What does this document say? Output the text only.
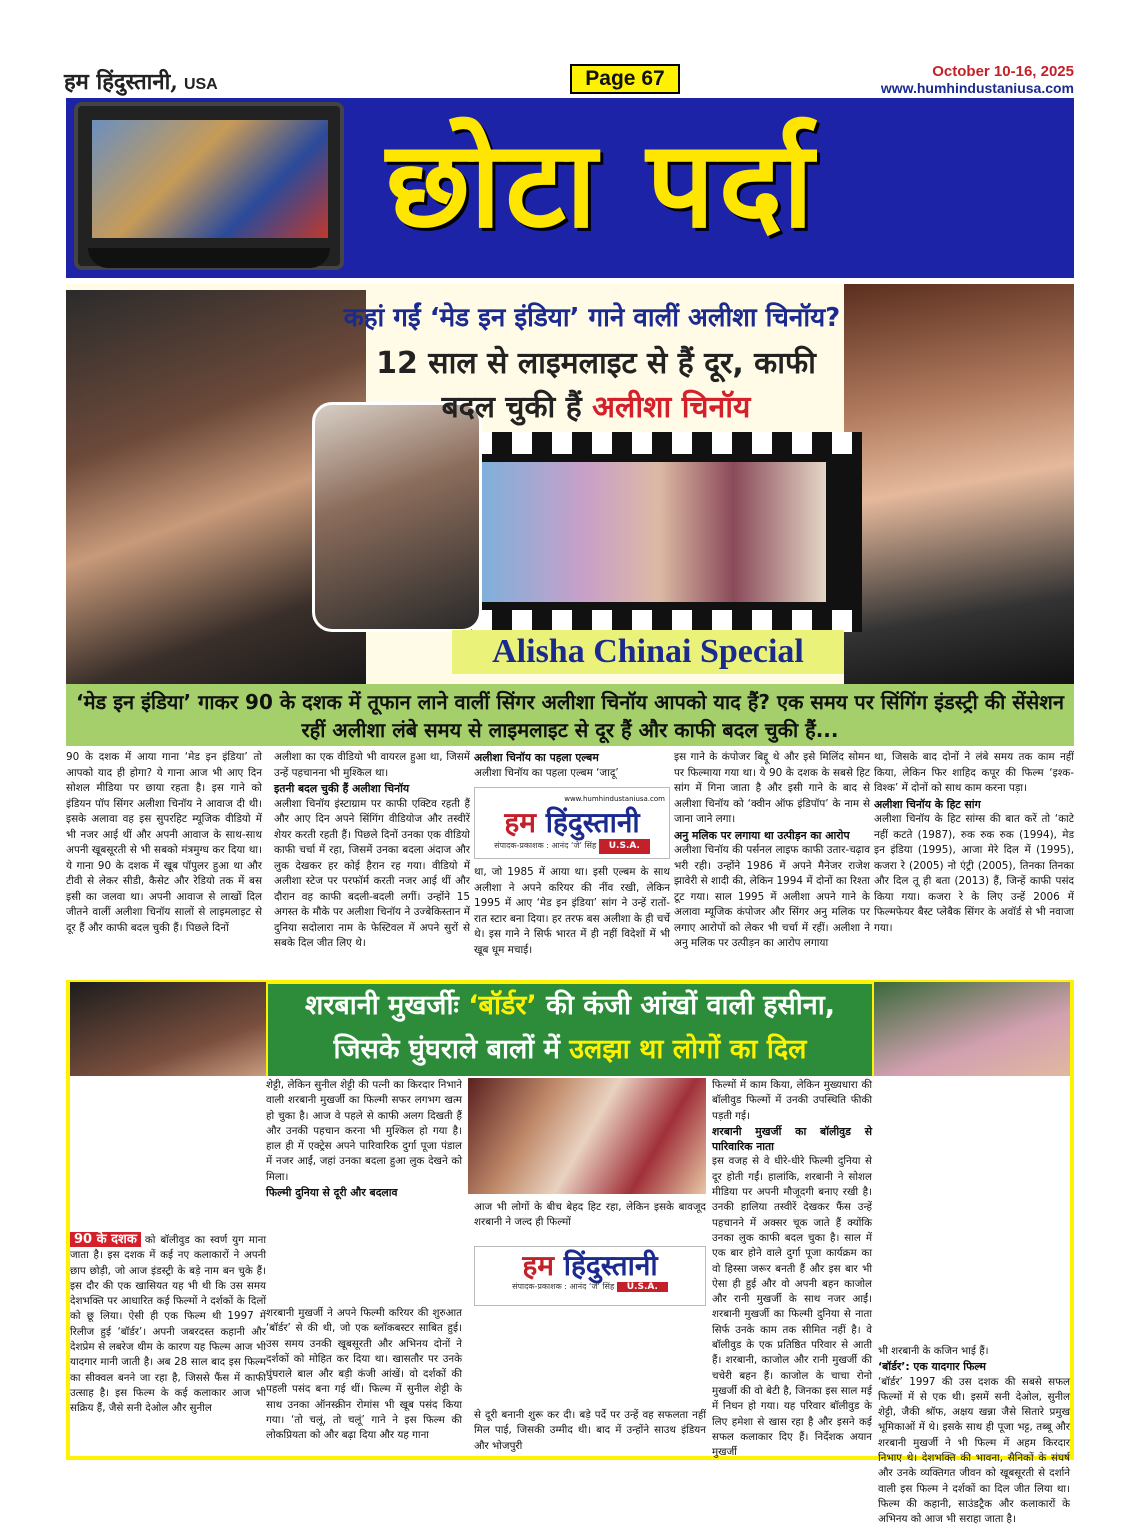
हम हिंदुस्तानी, USA	Page 67	October 10-16, 2025
www.humhindustaniusa.com
छोटा पर्दा
कहां गईं ‘मेड इन इंडिया’ गाने वालीं अलीशा चिनॉय?
12 साल से लाइमलाइट से हैं दूर, काफी
बदल चुकी हैं अलीशा चिनॉय
Alisha Chinai Special
‘मेड इन इंडिया’ गाकर 90 के दशक में तूफान लाने वालीं सिंगर अलीशा चिनॉय आपको याद हैं? एक समय पर सिंगिंग इंडस्ट्री की सेंसेशन रहीं अलीशा लंबे समय से लाइमलाइट से दूर हैं और काफी बदल चुकी हैं...

90 के दशक में आया गाना ‘मेड इन इंडिया’ तो आपको याद ही होगा? ये गाना आज भी आए दिन सोशल मीडिया पर छाया रहता है। इस गाने को इंडियन पॉप सिंगर अलीशा चिनॉय ने आवाज दी थी। इसके अलावा वह इस सुपरहिट म्यूजिक वीडियो में भी नजर आई थीं और अपनी आवाज के साथ-साथ अपनी खूबसूरती से भी सबको मंत्रमुग्ध कर दिया था। ये गाना 90 के दशक में खूब पॉपुलर हुआ था और टीवी से लेकर सीडी, कैसेट और रेडियो तक में बस इसी का जलवा था। अपनी आवाज से लाखों दिल जीतने वालीं अलीशा चिनॉय सालों से लाइमलाइट से दूर हैं और काफी बदल चुकी हैं। पिछले दिनों

अलीशा का एक वीडियो भी वायरल हुआ था, जिसमें उन्हें पहचानना भी मुश्किल था।

इतनी बदल चुकी हैं अलीशा चिनॉय

अलीशा चिनॉय इंस्टाग्राम पर काफी एक्टिव रहती हैं और आए दिन अपने सिंगिंग वीडियोज और तस्वीरें शेयर करती रहती हैं। पिछले दिनों उनका एक वीडियो काफी चर्चा में रहा, जिसमें उनका बदला अंदाज और लुक देखकर हर कोई हैरान रह गया। वीडियो में अलीशा स्टेज पर परफॉर्म करती नजर आई थीं और दौरान वह काफी बदली-बदली लगीं। उन्होंने 15 अगस्त के मौके पर अलीशा चिनॉय ने उज्बेकिस्तान में दुनिया सदोलारा नाम के फेस्टिवल में अपने सुरों से सबके दिल जीत लिए थे।

अलीशा चिनॉय का पहला एल्बम

अलीशा चिनॉय का पहला एल्बम ‘जादू’

www.humhindustaniusa.com
हम हिंदुस्तानी
संपादक-प्रकाशक : आनंद ‘जे’ सिंह U.S.A.

था, जो 1985 में आया था। इसी एल्बम के साथ अलीशा ने अपने करियर की नींव रखी, लेकिन 1995 में आए ‘मेड इन इंडिया’ सांग ने उन्हें रातों-रात स्टार बना दिया। हर तरफ बस अलीशा के ही चर्चे थे। इस गाने ने सिर्फ भारत में ही नहीं विदेशों में भी खूब धूम मचाई।

इस गाने के कंपोजर बिद्दू थे और इसे मिलिंद सोमन पर फिल्माया गया था। ये 90 के दशक के सबसे हिट सांग में गिना जाता है और इसी गाने के बाद से अलीशा चिनॉय को ‘क्वीन ऑफ इंडिपॉप’ के नाम से जाना जाने लगा।

अनु मलिक पर लगाया था उत्पीड़न का आरोप

अलीशा चिनॉय की पर्सनल लाइफ काफी उतार-चढ़ाव भरी रही। उन्होंने 1986 में अपने मैनेजर राजेश झावेरी से शादी की, लेकिन 1994 में दोनों का रिश्ता टूट गया। साल 1995 में अलीशा अपने गाने के अलावा म्यूजिक कंपोजर और सिंगर अनु मलिक पर लगाए आरोपों को लेकर भी चर्चा में रहीं। अलीशा ने अनु मलिक पर उत्पीड़न का आरोप लगाया

था, जिसके बाद दोनों ने लंबे समय तक काम नहीं किया, लेकिन फिर शाहिद कपूर की फिल्म ‘इश्क-विश्क’ में दोनों को साथ काम करना पड़ा।

अलीशा चिनॉय के हिट सांग

अलीशा चिनॉय के हिट सांग्स की बात करें तो ‘काटे नहीं कटते (1987), रुक रुक रुक (1994), मेड इन इंडिया (1995), आजा मेरे दिल में (1995), कजरा रे (2005) नो एंट्री (2005), तिनका तिनका और दिल तू ही बता (2013) हैं, जिन्हें काफी पसंद किया गया। कजरा रे के लिए उन्हें 2006 में फिल्मफेयर बैस्ट प्लेबैक सिंगर के अवॉर्ड से भी नवाजा गया।

शरबानी मुखर्जीः ‘बॉर्डर’ की कंजी आंखों वाली हसीना,
जिसके घुंघराले बालों में उलझा था लोगों का दिल

शेट्टी, लेकिन सुनील शेट्टी की पत्नी का किरदार निभाने वाली शरबानी मुखर्जी का फिल्मी सफर लगभग खत्म हो चुका है। आज वे पहले से काफी अलग दिखती हैं और उनकी पहचान करना भी मुश्किल हो गया है। हाल ही में एक्ट्रेस अपने पारिवारिक दुर्गा पूजा पंडाल में नजर आईं, जहां उनका बदला हुआ लुक देखने को मिला।

फिल्मी दुनिया से दूरी और बदलाव

आज भी लोगों के बीच बेहद हिट रहा, लेकिन इसके बावजूद शरबानी ने जल्द ही फिल्मों

हम हिंदुस्तानी
संपादक-प्रकाशक : आनंद ‘जे’ सिंह U.S.A.

से दूरी बनानी शुरू कर दी। बड़े पर्दे पर उन्हें वह सफलता नहीं मिल पाई, जिसकी उम्मीद थी। बाद में उन्होंने साउथ इंडियन और भोजपुरी

फिल्मों में काम किया, लेकिन मुख्यधारा की बॉलीवुड फिल्मों में उनकी उपस्थिति फीकी पड़ती गई।

शरबानी मुखर्जी का बॉलीवुड से पारिवारिक नाता

इस वजह से वे धीरे-धीरे फिल्मी दुनिया से दूर होती गईं। हालांकि, शरबानी ने सोशल मीडिया पर अपनी मौजूदगी बनाए रखी है। उनकी हालिया तस्वीरें देखकर फैंस उन्हें पहचानने में अक्सर चूक जाते हैं क्योंकि उनका लुक काफी बदल चुका है। साल में एक बार होने वाले दुर्गा पूजा कार्यक्रम का वो हिस्सा जरूर बनती हैं और इस बार भी ऐसा ही हुई और वो अपनी बहन काजोल और रानी मुखर्जी के साथ नजर आईं। शरबानी मुखर्जी का फिल्मी दुनिया से नाता सिर्फ उनके काम तक सीमित नहीं है। वे बॉलीवुड के एक प्रतिष्ठित परिवार से आती हैं। शरबानी, काजोल और रानी मुखर्जी की चचेरी बहन हैं। काजोल के चाचा रोनो मुखर्जी की वो बेटी है, जिनका इस साल मई में निधन हो गया। यह परिवार बॉलीवुड के लिए हमेशा से खास रहा है और इसने कई सफल कलाकार दिए हैं। निर्देशक अयान मुखर्जी

90 के दशक को बॉलीवुड का स्वर्ण युग माना जाता है। इस दशक में कई नए कलाकारों ने अपनी छाप छोड़ी, जो आज इंडस्ट्री के बड़े नाम बन चुके हैं। इस दौर की एक खासियत यह भी थी कि उस समय देशभक्ति पर आधारित कई फिल्मों ने दर्शकों के दिलों को छू लिया। ऐसी ही एक फिल्म थी 1997 में रिलीज हुई ‘बॉर्डर’। अपनी जबरदस्त कहानी और देशप्रेम से लबरेज थीम के कारण यह फिल्म आज भी यादगार मानी जाती है। अब 28 साल बाद इस फिल्म का सीक्वल बनने जा रहा है, जिससे फैंस में काफी उत्साह है। इस फिल्म के कई कलाकार आज भी सक्रिय हैं, जैसे सनी देओल और सुनील

शरबानी मुखर्जी ने अपने फिल्मी करियर की शुरुआत ‘बॉर्डर’ से की थी, जो एक ब्लॉकबस्टर साबित हुई। उस समय उनकी खूबसूरती और अभिनय दोनों ने दर्शकों को मोहित कर दिया था। खासतौर पर उनके घुंघराले बाल और बड़ी कंजी आंखें। वो दर्शकों की पहली पसंद बना गई थीं। फिल्म में सुनील शेट्टी के साथ उनका ऑनस्क्रीन रोमांस भी खूब पसंद किया गया। ‘तो चलूं, तो चलूं’ गाने ने इस फिल्म की लोकप्रियता को और बढ़ा दिया और यह गाना

भी शरबानी के कजिन भाई हैं।

‘बॉर्डर’: एक यादगार फिल्म

‘बॉर्डर’ 1997 की उस दशक की सबसे सफल फिल्मों में से एक थी। इसमें सनी देओल, सुनील शेट्टी, जैकी श्रॉफ, अक्षय खन्ना जैसे सितारे प्रमुख भूमिकाओं में थे। इसके साथ ही पूजा भट्ट, तब्बू और शरबानी मुखर्जी ने भी फिल्म में अहम किरदार निभाए थे। देशभक्ति की भावना, सैनिकों के संघर्ष और उनके व्यक्तिगत जीवन को खूबसूरती से दर्शाने वाली इस फिल्म ने दर्शकों का दिल जीत लिया था। फिल्म की कहानी, साउंडट्रैक और कलाकारों के अभिनय को आज भी सराहा जाता है।
